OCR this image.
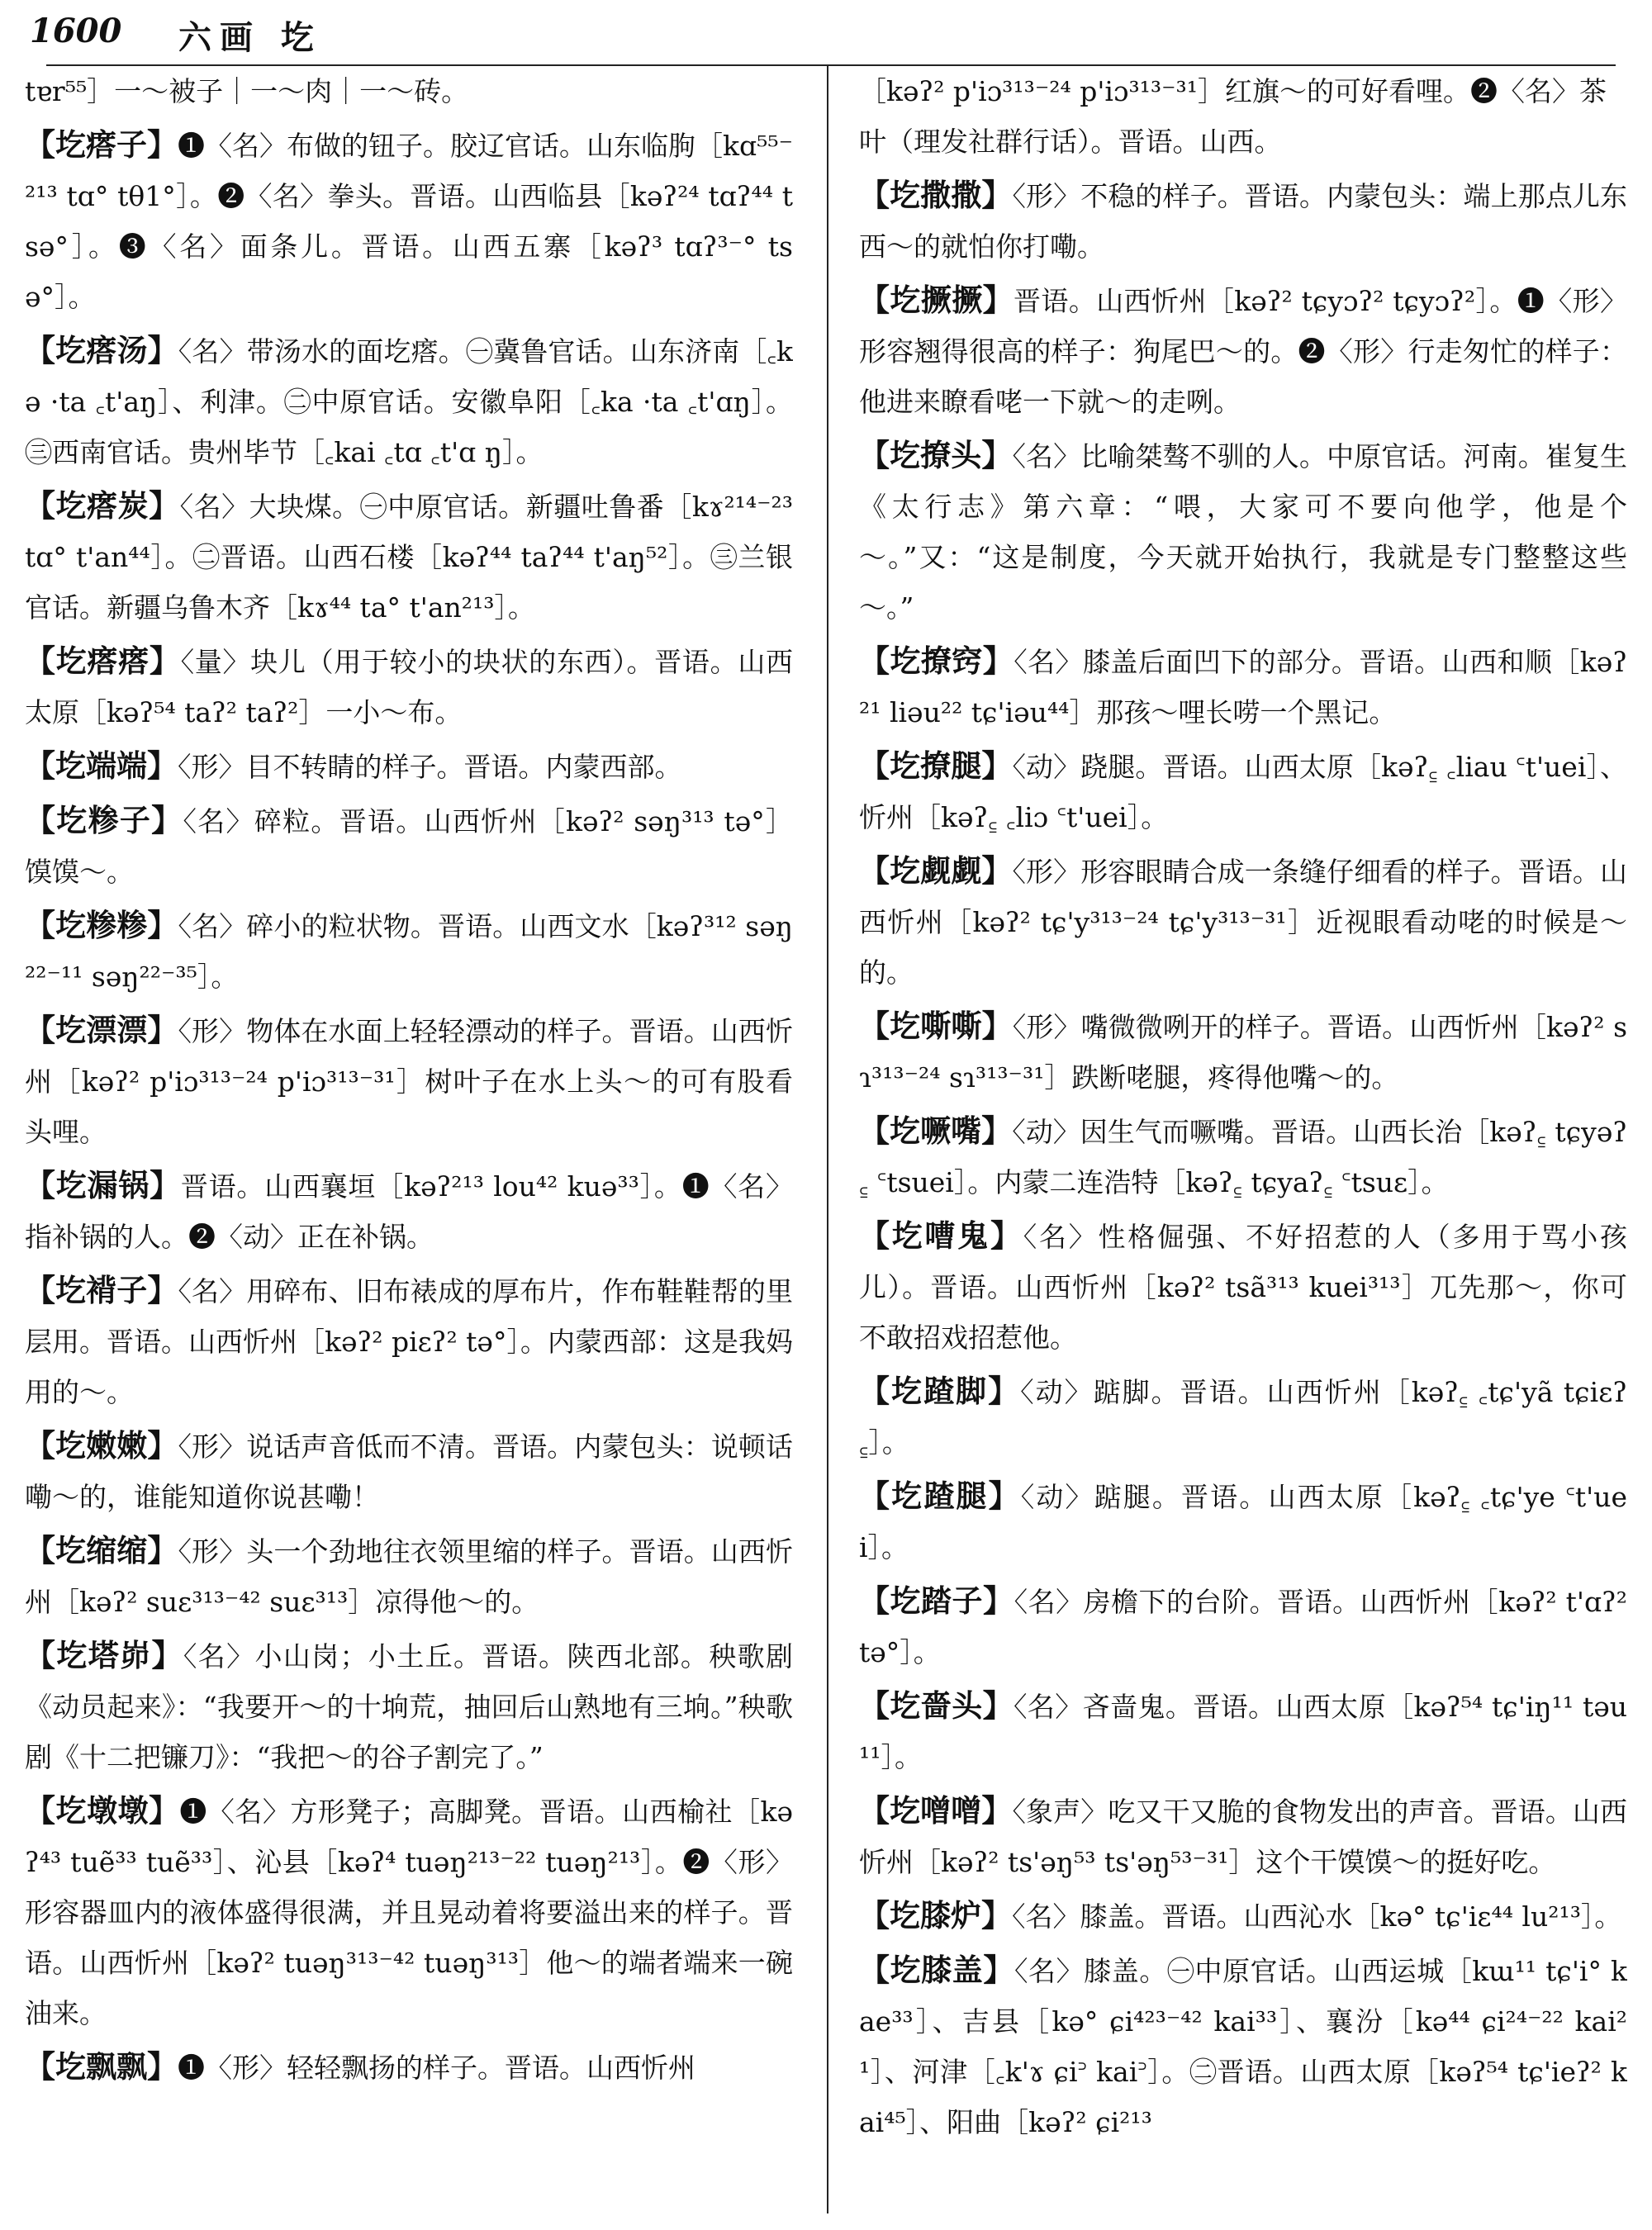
1600 六画 圪

tɐr⁵⁵］一～被子｜一～肉｜一～砖。

【 圪瘩子 】 ❶〈名〉布做的钮子。胶辽官话。山东临朐［kɑ⁵⁵⁻²¹³ tɑ° tθ1°］。❷〈名〉拳头。晋语。山西临县［kəʔ²⁴ tɑʔ⁴⁴ tsə°］。❸〈名〉面条儿。晋语。山西五寨［kəʔ³ tɑʔ³⁻° tsə°］。

【 圪瘩汤 】 〈名〉带汤水的面圪瘩。㊀冀鲁官话。山东济南［꜀kə ·ta ꜀t'aŋ］、利津。㊁中原官话。安徽阜阳［꜀ka ·ta ꜀t'ɑŋ］。㊂西南官话。贵州毕节［꜀kai ꜀tɑ ꜀t'ɑ ŋ］。

【 圪瘩炭 】 〈名〉大块煤。㊀中原官话。新疆吐鲁番［kɤ²¹⁴⁻²³ tɑ° t'an⁴⁴］。㊁晋语。山西石楼［kəʔ⁴⁴ taʔ⁴⁴ t'aŋ⁵²］。㊂兰银官话。新疆乌鲁木齐［kɤ⁴⁴ ta° t'an²¹³］。

【 圪瘩瘩 】 〈量〉块儿（用于较小的块状的东西）。晋语。山西太原［kəʔ⁵⁴ taʔ² taʔ²］一小～布。

【 圪端端 】 〈形〉目不转睛的样子。晋语。内蒙西部。

【 圪糁子 】 〈名〉碎粒。晋语。山西忻州［kəʔ² səŋ³¹³ tə°］馍馍～。

【 圪糁糁 】 〈名〉碎小的粒状物。晋语。山西文水［kəʔ³¹² səŋ²²⁻¹¹ səŋ²²⁻³⁵］。

【 圪漂漂 】 〈形〉物体在水面上轻轻漂动的样子。晋语。山西忻州［kəʔ² p'iɔ³¹³⁻²⁴ p'iɔ³¹³⁻³¹］树叶子在水上头～的可有股看头哩。

【 圪漏锅 】 晋语。山西襄垣［kəʔ²¹³ lou⁴² kuə³³］。❶〈名〉指补锅的人。❷〈动〉正在补锅。

【 圪褙子 】 〈名〉用碎布、旧布裱成的厚布片，作布鞋鞋帮的里层用。晋语。山西忻州［kəʔ² piɛʔ² tə°］。内蒙西部：这是我妈用的～。

【 圪嫩嫩 】 〈形〉说话声音低而不清。晋语。内蒙包头：说顿话嘞～的，谁能知道你说甚嘞！

【 圪缩缩 】 〈形〉头一个劲地往衣领里缩的样子。晋语。山西忻州［kəʔ² suɛ³¹³⁻⁴² suɛ³¹³］凉得他～的。

【 圪塔峁 】 〈名〉小山岗；小土丘。晋语。陕西北部。秧歌剧《动员起来》：“我要开～的十垧荒，抽回后山熟地有三垧。”秧歌剧《十二把镰刀》：“我把～的谷子割完了。”

【 圪墩墩 】 ❶〈名〉方形凳子；高脚凳。晋语。山西榆社［kəʔ⁴³ tuẽ³³ tuẽ³³］、沁县［kəʔ⁴ tuəŋ²¹³⁻²² tuəŋ²¹³］。❷〈形〉形容器皿内的液体盛得很满，并且晃动着将要溢出来的样子。晋语。山西忻州［kəʔ² tuəŋ³¹³⁻⁴² tuəŋ³¹³］他～的端者端来一碗油来。

【 圪飘飘 】 ❶〈形〉轻轻飘扬的样子。晋语。山西忻州

［kəʔ² p'iɔ³¹³⁻²⁴ p'iɔ³¹³⁻³¹］红旗～的可好看哩。❷〈名〉茶叶（理发社群行话）。晋语。山西。

【 圪撒撒 】 〈形〉不稳的样子。晋语。内蒙包头：端上那点儿东西～的就怕你打嘞。

【 圪撅撅 】 晋语。山西忻州［kəʔ² tɕyɔʔ² tɕyɔʔ²］。❶〈形〉形容翘得很高的样子：狗尾巴～的。❷〈形〉行走匆忙的样子：他进来瞭看咾一下就～的走咧。

【 圪撩头 】 〈名〉比喻桀骜不驯的人。中原官话。河南。崔复生《太行志》第六章：“喂，大家可不要向他学，他是个～。”又：“这是制度，今天就开始执行，我就是专门整整这些～。”

【 圪撩窍 】 〈名〉膝盖后面凹下的部分。晋语。山西和顺［kəʔ²¹ liəu²² tɕ'iəu⁴⁴］那孩～哩长唠一个黑记。

【 圪撩腿 】 〈动〉跷腿。晋语。山西太原［kəʔ꜁ ꜀liau ꜂t'uei］、忻州［kəʔ꜁ ꜀liɔ ꜂t'uei］。

【 圪觑觑 】 〈形〉形容眼睛合成一条缝仔细看的样子。晋语。山西忻州［kəʔ² tɕ'y³¹³⁻²⁴ tɕ'y³¹³⁻³¹］近视眼看动咾的时候是～的。

【 圪嘶嘶 】 〈形〉嘴微微咧开的样子。晋语。山西忻州［kəʔ² sɿ³¹³⁻²⁴ sɿ³¹³⁻³¹］跌断咾腿，疼得他嘴～的。

【 圪噘嘴 】 〈动〉因生气而噘嘴。晋语。山西长治［kəʔ꜁ tɕyəʔ꜁ ꜂tsuei］。内蒙二连浩特［kəʔ꜁ tɕyaʔ꜁ ꜂tsuɛ］。

【 圪嘈鬼 】 〈名〉性格倔强、不好招惹的人（多用于骂小孩儿）。晋语。山西忻州［kəʔ² tsã³¹³ kuei³¹³］兀先那～，你可不敢招戏招惹他。

【 圪蹅脚 】 〈动〉踮脚。晋语。山西忻州［kəʔ꜁ ꜀tɕ'yã tɕiɛʔ꜁］。

【 圪蹅腿 】 〈动〉踮腿。晋语。山西太原［kəʔ꜁ ꜀tɕ'ye ꜂t'uei］。

【 圪踏子 】 〈名〉房檐下的台阶。晋语。山西忻州［kəʔ² t'ɑʔ² tə°］。

【 圪嗇头 】 〈名〉吝啬鬼。晋语。山西太原［kəʔ⁵⁴ tɕ'iŋ¹¹ təu¹¹］。

【 圪噌噌 】 〈象声〉吃又干又脆的食物发出的声音。晋语。山西忻州［kəʔ² ts'əŋ⁵³ ts'əŋ⁵³⁻³¹］这个干馍馍～的挺好吃。

【 圪膝炉 】 〈名〉膝盖。晋语。山西沁水［kə° tɕ'iɛ⁴⁴ lu²¹³］。

【 圪膝盖 】 〈名〉膝盖。㊀中原官话。山西运城［kɯ¹¹ tɕ'i° kae³³］、吉县［kə° ɕi⁴²³⁻⁴² kai³³］、襄汾［kə⁴⁴ ɕi²⁴⁻²² kai²¹］、河津［꜀k'ɤ ɕi꜄ kai꜄］。㊁晋语。山西太原［kəʔ⁵⁴ tɕ'ieʔ² kai⁴⁵］、阳曲［kəʔ² ɕi²¹³
